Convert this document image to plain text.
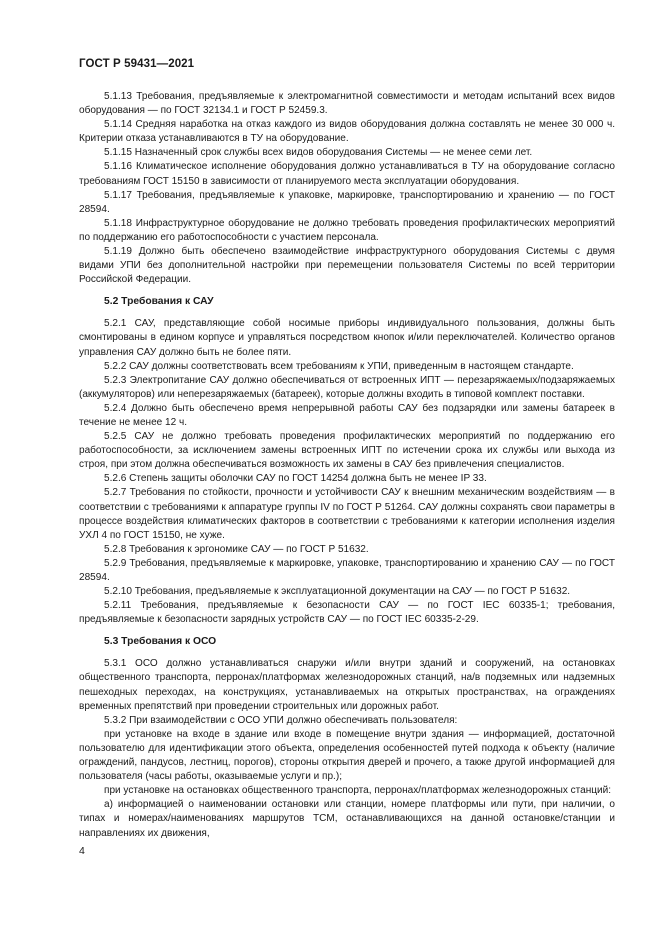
ГОСТ Р 59431—2021

5.1.13 Требования, предъявляемые к электромагнитной совместимости и методам испытаний всех видов оборудования — по ГОСТ 32134.1 и ГОСТ Р 52459.3.

5.1.14 Средняя наработка на отказ каждого из видов оборудования должна составлять не менее 30 000 ч. Критерии отказа устанавливаются в ТУ на оборудование.

5.1.15 Назначенный срок службы всех видов оборудования Системы — не менее семи лет.

5.1.16 Климатическое исполнение оборудования должно устанавливаться в ТУ на оборудование согласно требованиям ГОСТ 15150 в зависимости от планируемого места эксплуатации оборудования.

5.1.17 Требования, предъявляемые к упаковке, маркировке, транспортированию и хранению — по ГОСТ 28594.

5.1.18 Инфраструктурное оборудование не должно требовать проведения профилактических мероприятий по поддержанию его работоспособности с участием персонала.

5.1.19 Должно быть обеспечено взаимодействие инфраструктурного оборудования Системы с двумя видами УПИ без дополнительной настройки при перемещении пользователя Системы по всей территории Российской Федерации.

5.2 Требования к САУ

5.2.1 САУ, представляющие собой носимые приборы индивидуального пользования, должны быть смонтированы в едином корпусе и управляться посредством кнопок и/или переключателей. Количество органов управления САУ должно быть не более пяти.

5.2.2 САУ должны соответствовать всем требованиям к УПИ, приведенным в настоящем стандарте.

5.2.3 Электропитание САУ должно обеспечиваться от встроенных ИПТ — перезаряжаемых/подзаряжаемых (аккумуляторов) или неперезаряжаемых (батареек), которые должны входить в типовой комплект поставки.

5.2.4 Должно быть обеспечено время непрерывной работы САУ без подзарядки или замены батареек в течение не менее 12 ч.

5.2.5 САУ не должно требовать проведения профилактических мероприятий по поддержанию его работоспособности, за исключением замены встроенных ИПТ по истечении срока их службы или выхода из строя, при этом должна обеспечиваться возможность их замены в САУ без привлечения специалистов.

5.2.6 Степень защиты оболочки САУ по ГОСТ 14254 должна быть не менее IP 33.

5.2.7 Требования по стойкости, прочности и устойчивости САУ к внешним механическим воздействиям — в соответствии с требованиями к аппаратуре группы IV по ГОСТ Р 51264. САУ должны сохранять свои параметры в процессе воздействия климатических факторов в соответствии с требованиями к категории исполнения изделия УХЛ 4 по ГОСТ 15150, не хуже.

5.2.8 Требования к эргономике САУ — по ГОСТ Р 51632.

5.2.9 Требования, предъявляемые к маркировке, упаковке, транспортированию и хранению САУ — по ГОСТ 28594.

5.2.10 Требования, предъявляемые к эксплуатационной документации на САУ — по ГОСТ Р 51632.

5.2.11 Требования, предъявляемые к безопасности САУ — по ГОСТ IEC 60335-1; требования, предъявляемые к безопасности зарядных устройств САУ — по ГОСТ IEC 60335-2-29.

5.3 Требования к ОСО

5.3.1 ОСО должно устанавливаться снаружи и/или внутри зданий и сооружений, на остановках общественного транспорта, перронах/платформах железнодорожных станций, на/в подземных или надземных пешеходных переходах, на конструкциях, устанавливаемых на открытых пространствах, на ограждениях временных препятствий при проведении строительных или дорожных работ.

5.3.2 При взаимодействии с ОСО УПИ должно обеспечивать пользователя:

при установке на входе в здание или входе в помещение внутри здания — информацией, достаточной пользователю для идентификации этого объекта, определения особенностей путей подхода к объекту (наличие ограждений, пандусов, лестниц, порогов), стороны открытия дверей и прочего, а также другой информацией для пользователя (часы работы, оказываемые услуги и пр.);

при установке на остановках общественного транспорта, перронах/платформах железнодорожных станций:

а) информацией о наименовании остановки или станции, номере платформы или пути, при наличии, о типах и номерах/наименованиях маршрутов ТСМ, останавливающихся на данной остановке/станции и направлениях их движения,

4
